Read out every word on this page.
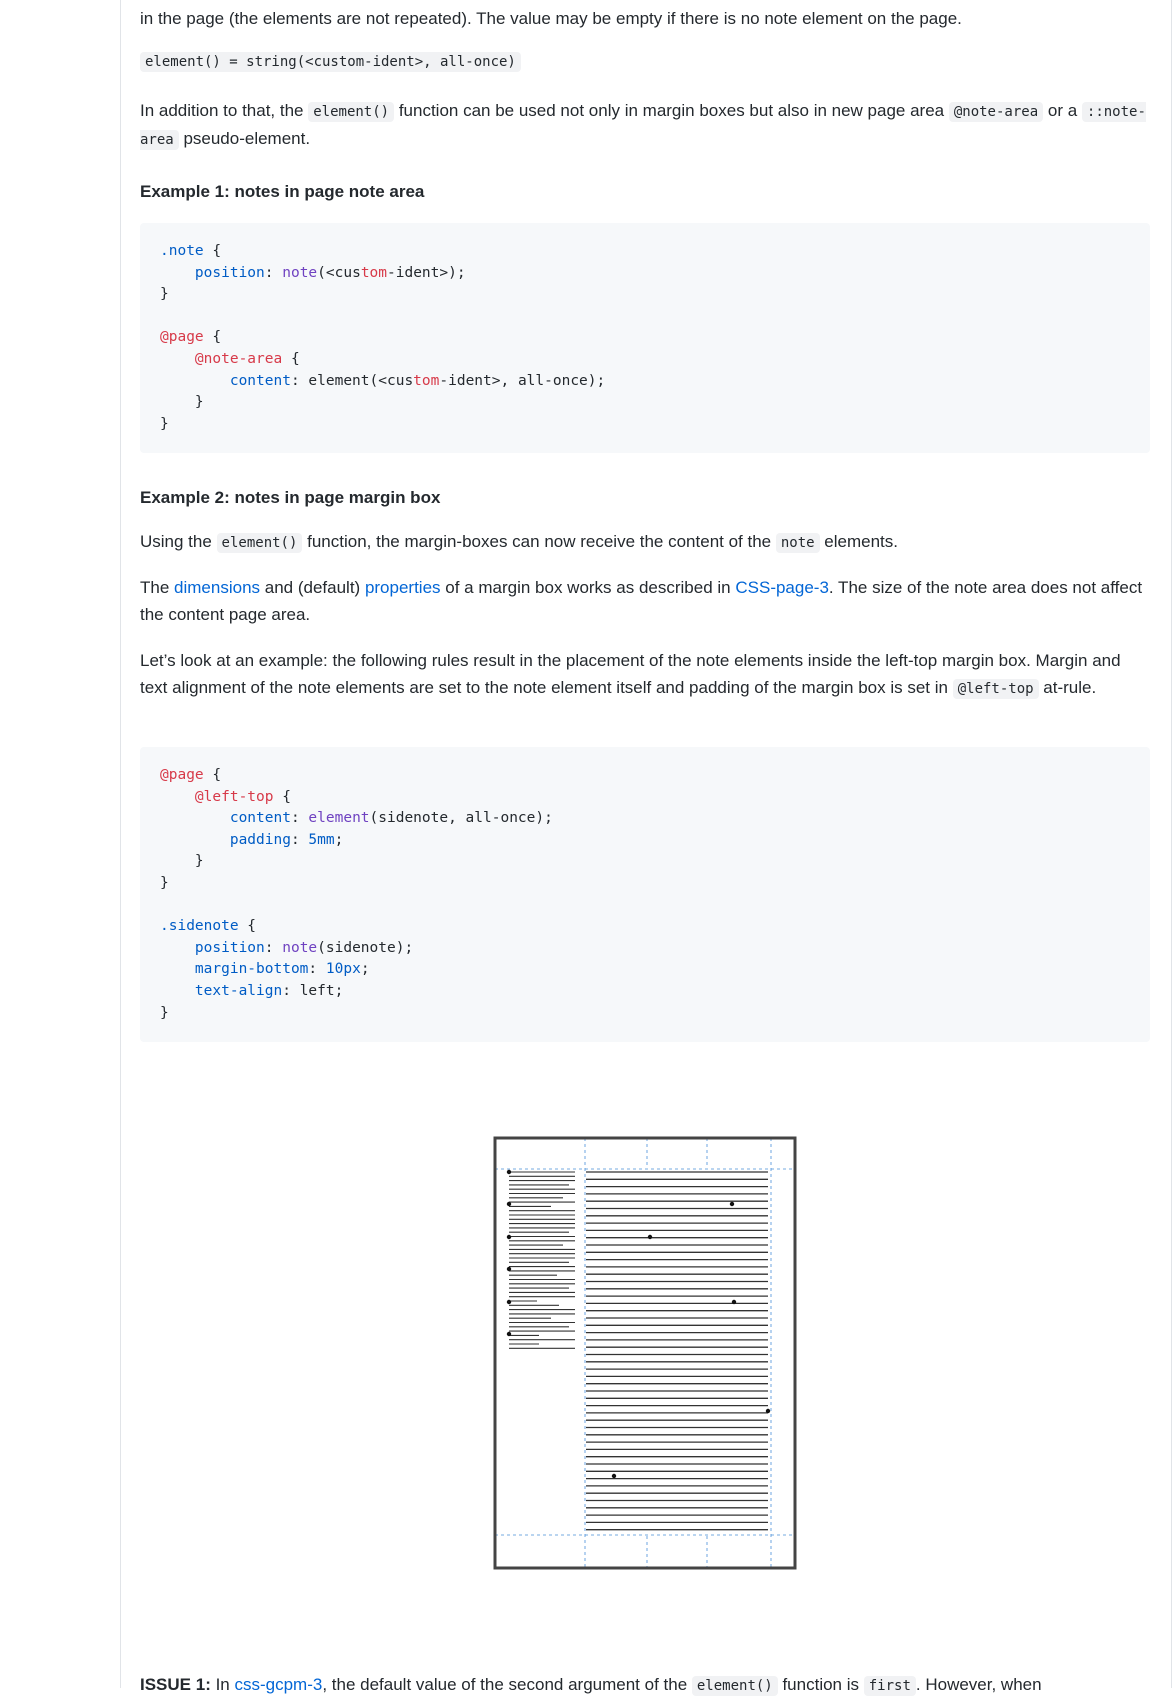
in the page (the elements are not repeated). The value may be empty if there is no note element on the page.

element() = string(<custom-ident>, all-once)

In addition to that, the element() function can be used not only in margin boxes but also in new page area @note-area or a ::note-area pseudo-element.

Example 1: notes in page note area
.note {
position: note(<custom-ident>);
}

@page {
@note-area {
content: element(<custom-ident>, all-once);
}
}
Example 2: notes in page margin box

Using the element() function, the margin-boxes can now receive the content of the note elements.

The dimensions and (default) properties of a margin box works as described in CSS-page-3. The size of the note area does not affect the content page area.

Let’s look at an example: the following rules result in the placement of the note elements inside the left-top margin box. Margin and text alignment of the note elements are set to the note element itself and padding of the margin box is set in @left-top at-rule.

@page {
@left-top {
content: element(sidenote, all-once);
padding: 5mm;
}
}

.sidenote {
position: note(sidenote);
margin-bottom: 10px;
text-align: left;
}
ISSUE 1: In css-gcpm-3, the default value of the second argument of the element() function is first . However, when
